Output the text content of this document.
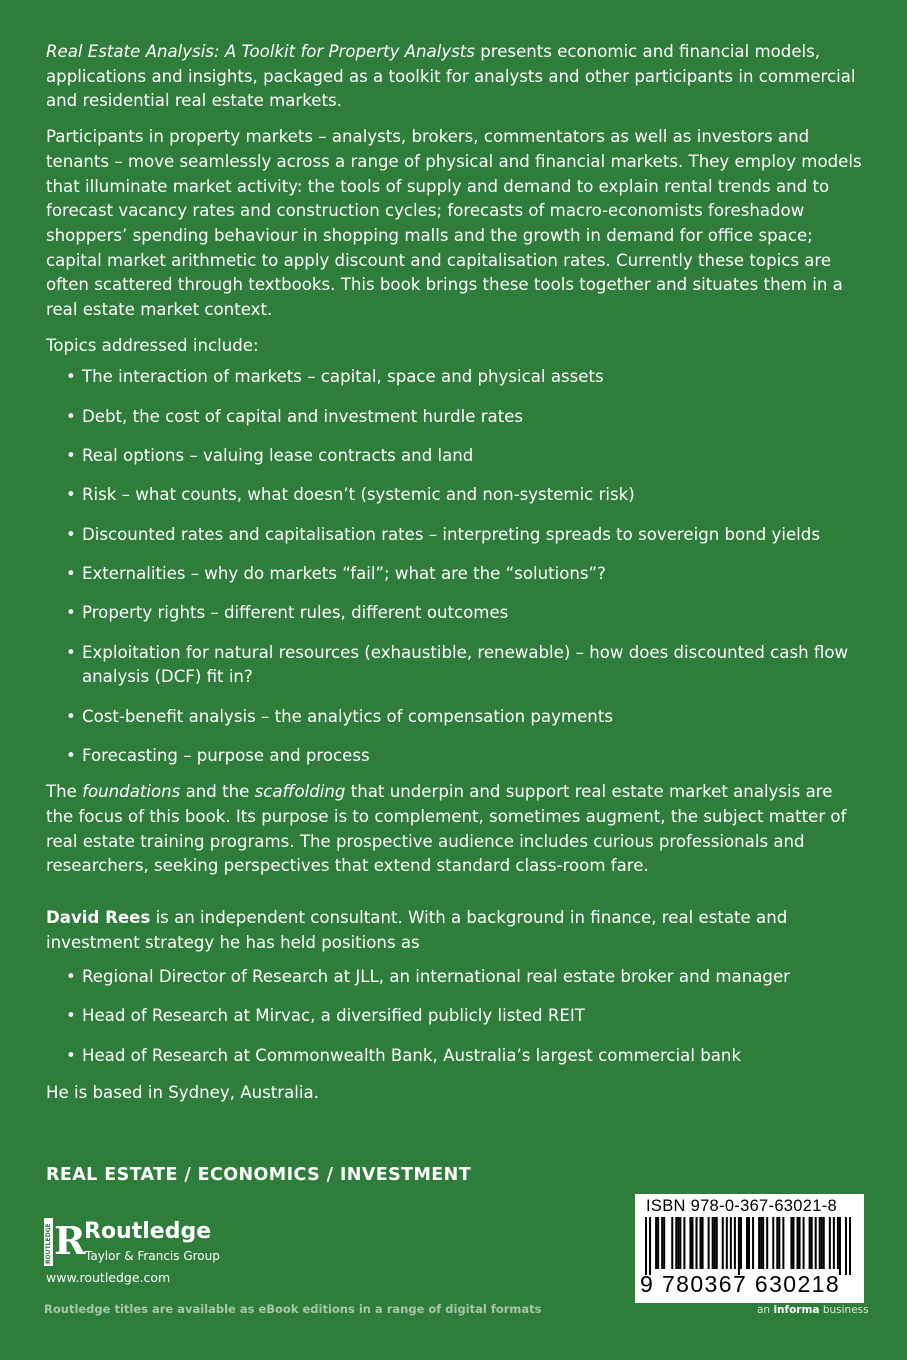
Real Estate Analysis: A Toolkit for Property Analysts presents economic and financial models, applications and insights, packaged as a toolkit for analysts and other participants in commercial and residential real estate markets.

Participants in property markets – analysts, brokers, commentators as well as investors and tenants – move seamlessly across a range of physical and financial markets. They employ models that illuminate market activity: the tools of supply and demand to explain rental trends and to forecast vacancy rates and construction cycles; forecasts of macro-economists foreshadow shoppers’ spending behaviour in shopping malls and the growth in demand for office space; capital market arithmetic to apply discount and capitalisation rates. Currently these topics are often scattered through textbooks. This book brings these tools together and situates them in a real estate market context.

Topics addressed include:

• The interaction of markets – capital, space and physical assets
• Debt, the cost of capital and investment hurdle rates
• Real options – valuing lease contracts and land
• Risk – what counts, what doesn’t (systemic and non-systemic risk)
• Discounted rates and capitalisation rates – interpreting spreads to sovereign bond yields
• Externalities – why do markets “fail”; what are the “solutions”?
• Property rights – different rules, different outcomes
• Exploitation for natural resources (exhaustible, renewable) – how does discounted cash flow analysis (DCF) fit in?
• Cost-benefit analysis – the analytics of compensation payments
• Forecasting – purpose and process

The foundations and the scaffolding that underpin and support real estate market analysis are the focus of this book. Its purpose is to complement, sometimes augment, the subject matter of real estate training programs. The prospective audience includes curious professionals and researchers, seeking perspectives that extend standard class-room fare.

David Rees is an independent consultant. With a background in finance, real estate and investment strategy he has held positions as

• Regional Director of Research at JLL, an international real estate broker and manager
• Head of Research at Mirvac, a diversified publicly listed REIT
• Head of Research at Commonwealth Bank, Australia’s largest commercial bank

He is based in Sydney, Australia.

REAL ESTATE / ECONOMICS / INVESTMENT
ROUTLEDGE R
Routledge
Taylor & Francis Group
www.routledge.com
Routledge titles are available as eBook editions in a range of digital formats
ISBN 978-0-367-63021-8
9 780367 630218
an informa business
